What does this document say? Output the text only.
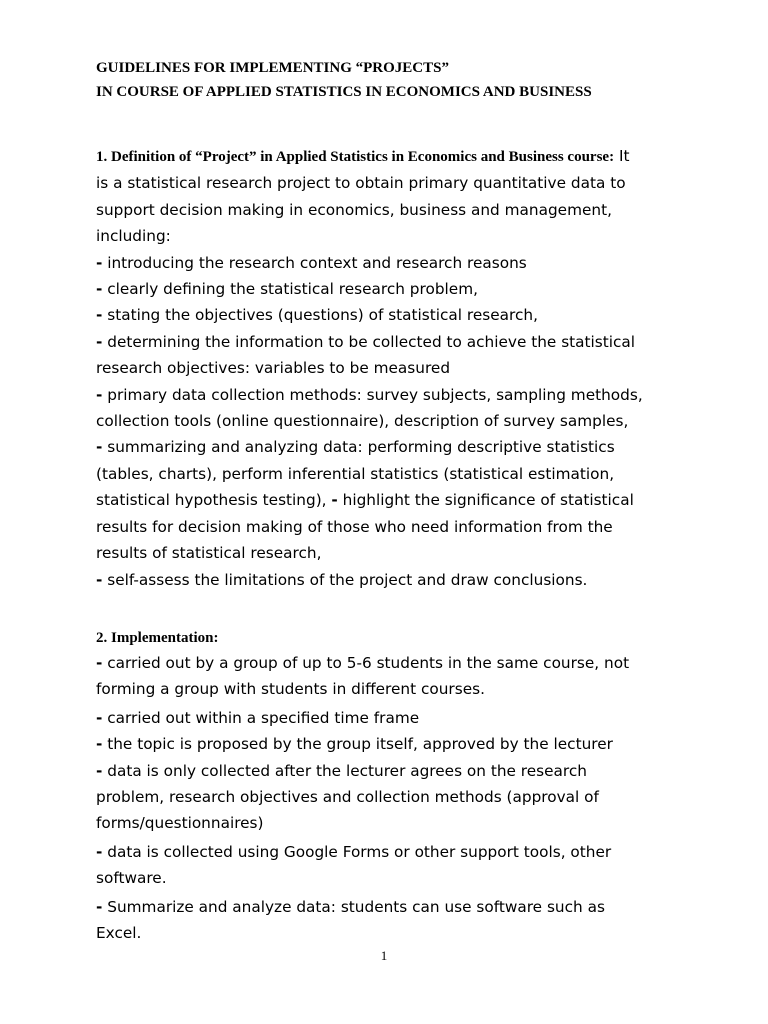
GUIDELINES FOR IMPLEMENTING “PROJECTS”
IN COURSE OF APPLIED STATISTICS IN ECONOMICS AND BUSINESS
1. Definition of “Project” in Applied Statistics in Economics and Business course: It
is a statistical research project to obtain primary quantitative data to
support decision making in economics, business and management,
including:
- introducing the research context and research reasons
- clearly defining the statistical research problem,
- stating the objectives (questions) of statistical research,
- determining the information to be collected to achieve the statistical
research objectives: variables to be measured
- primary data collection methods: survey subjects, sampling methods,
collection tools (online questionnaire), description of survey samples,
- summarizing and analyzing data: performing descriptive statistics
(tables, charts), perform inferential statistics (statistical estimation,
statistical hypothesis testing), - highlight the significance of statistical
results for decision making of those who need information from the
results of statistical research,
- self-assess the limitations of the project and draw conclusions.
2. Implementation:
- carried out by a group of up to 5-6 students in the same course, not
forming a group with students in different courses.
- carried out within a specified time frame
- the topic is proposed by the group itself, approved by the lecturer
- data is only collected after the lecturer agrees on the research
problem, research objectives and collection methods (approval of
forms/questionnaires)
- data is collected using Google Forms or other support tools, other
software.
- Summarize and analyze data: students can use software such as
Excel.
1
